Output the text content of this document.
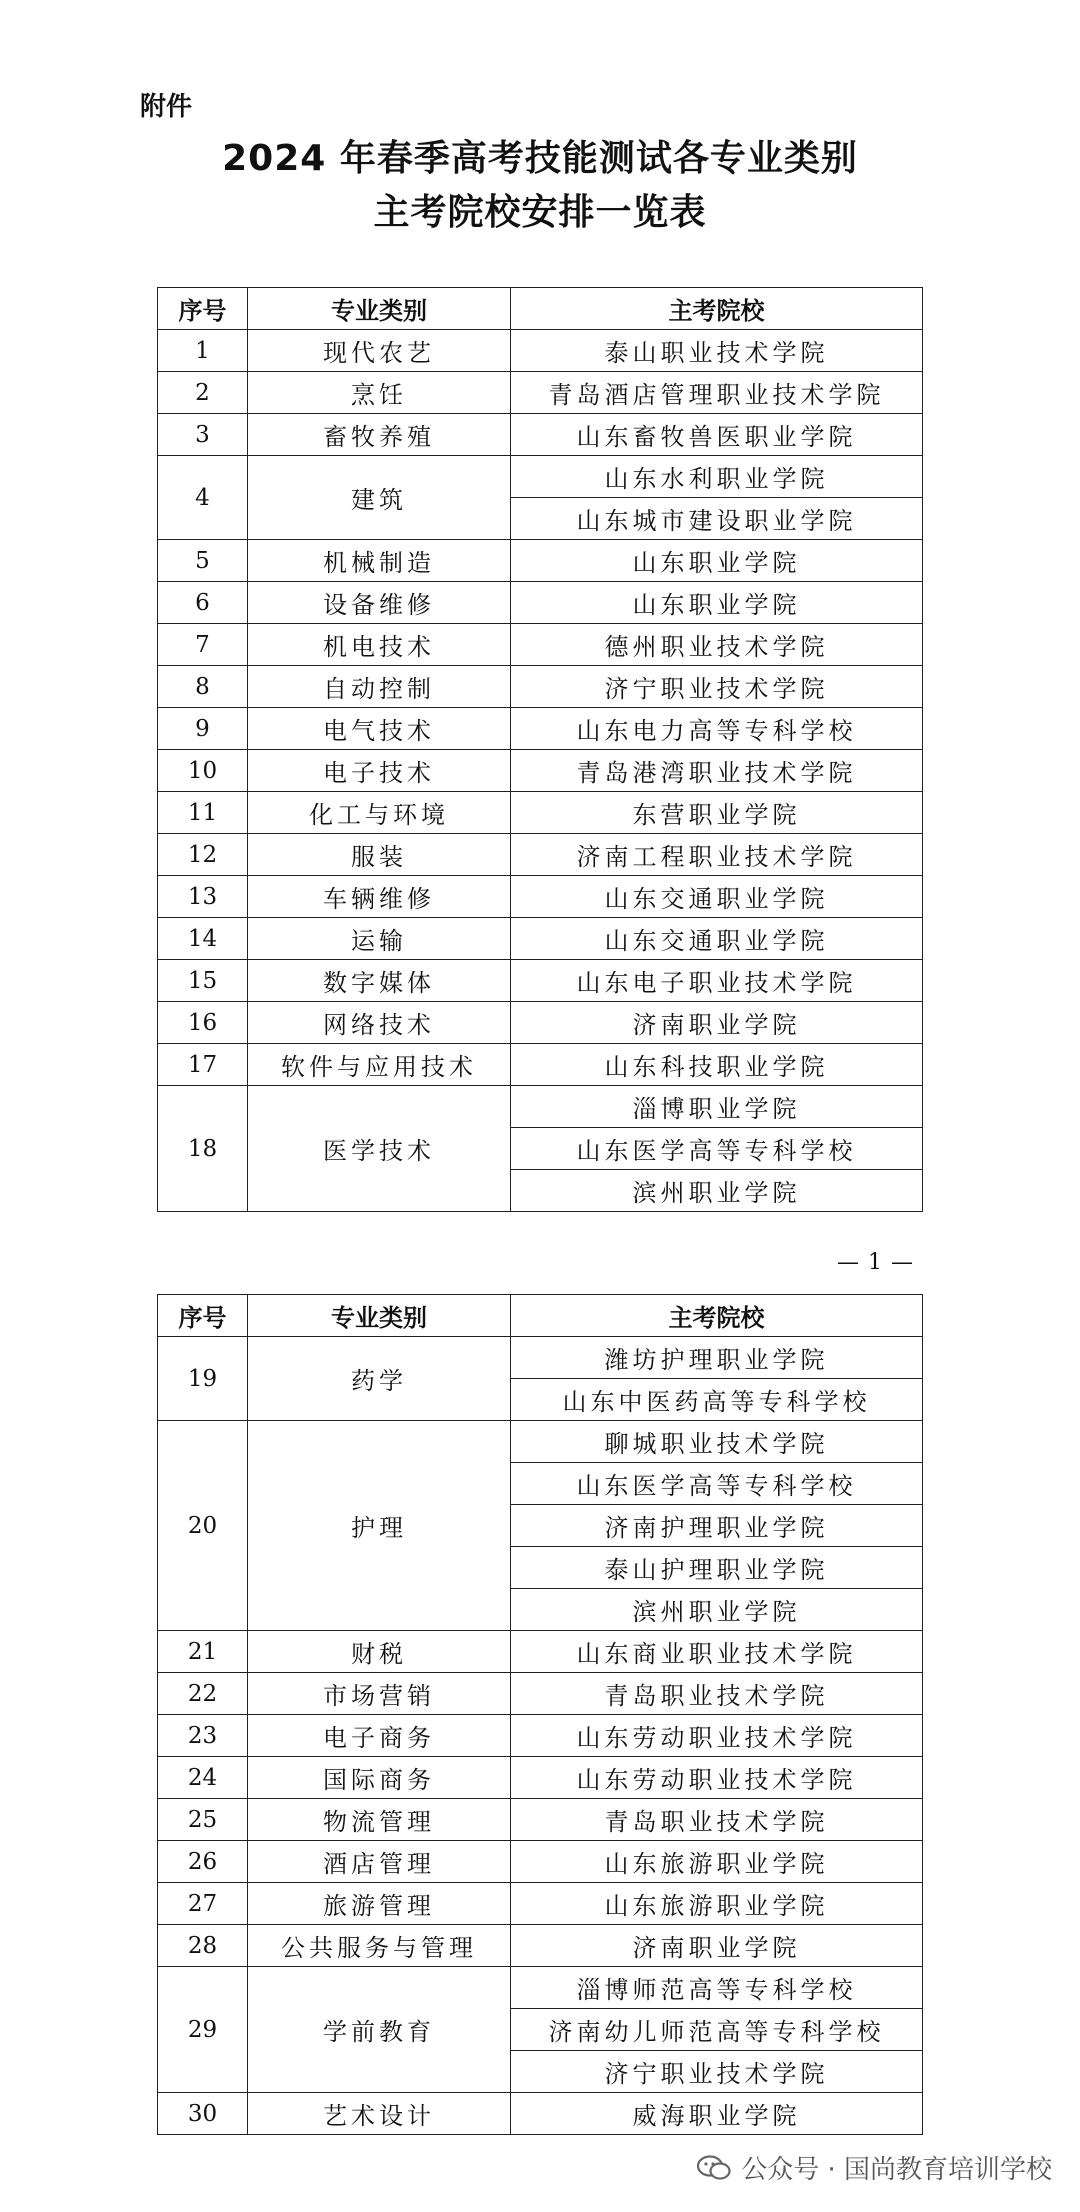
附件
2024 年春季高考技能测试各专业类别
主考院校安排一览表
序号	专业类别	主考院校
1	现代农艺	泰山职业技术学院
2	烹饪	青岛酒店管理职业技术学院
3	畜牧养殖	山东畜牧兽医职业学院
4	建筑	山东水利职业学院
		山东城市建设职业学院
5	机械制造	山东职业学院
6	设备维修	山东职业学院
7	机电技术	德州职业技术学院
8	自动控制	济宁职业技术学院
9	电气技术	山东电力高等专科学校
10	电子技术	青岛港湾职业技术学院
11	化工与环境	东营职业学院
12	服装	济南工程职业技术学院
13	车辆维修	山东交通职业学院
14	运输	山东交通职业学院
15	数字媒体	山东电子职业技术学院
16	网络技术	济南职业学院
17	软件与应用技术	山东科技职业学院
18	医学技术	淄博职业学院
		山东医学高等专科学校
		滨州职业学院
— 1 —
序号	专业类别	主考院校
19	药学	潍坊护理职业学院
		山东中医药高等专科学校
20	护理	聊城职业技术学院
		山东医学高等专科学校
		济南护理职业学院
		泰山护理职业学院
		滨州职业学院
21	财税	山东商业职业技术学院
22	市场营销	青岛职业技术学院
23	电子商务	山东劳动职业技术学院
24	国际商务	山东劳动职业技术学院
25	物流管理	青岛职业技术学院
26	酒店管理	山东旅游职业学院
27	旅游管理	山东旅游职业学院
28	公共服务与管理	济南职业学院
29	学前教育	淄博师范高等专科学校
		济南幼儿师范高等专科学校
		济宁职业技术学院
30	艺术设计	威海职业学院
公众号 · 国尚教育培训学校
